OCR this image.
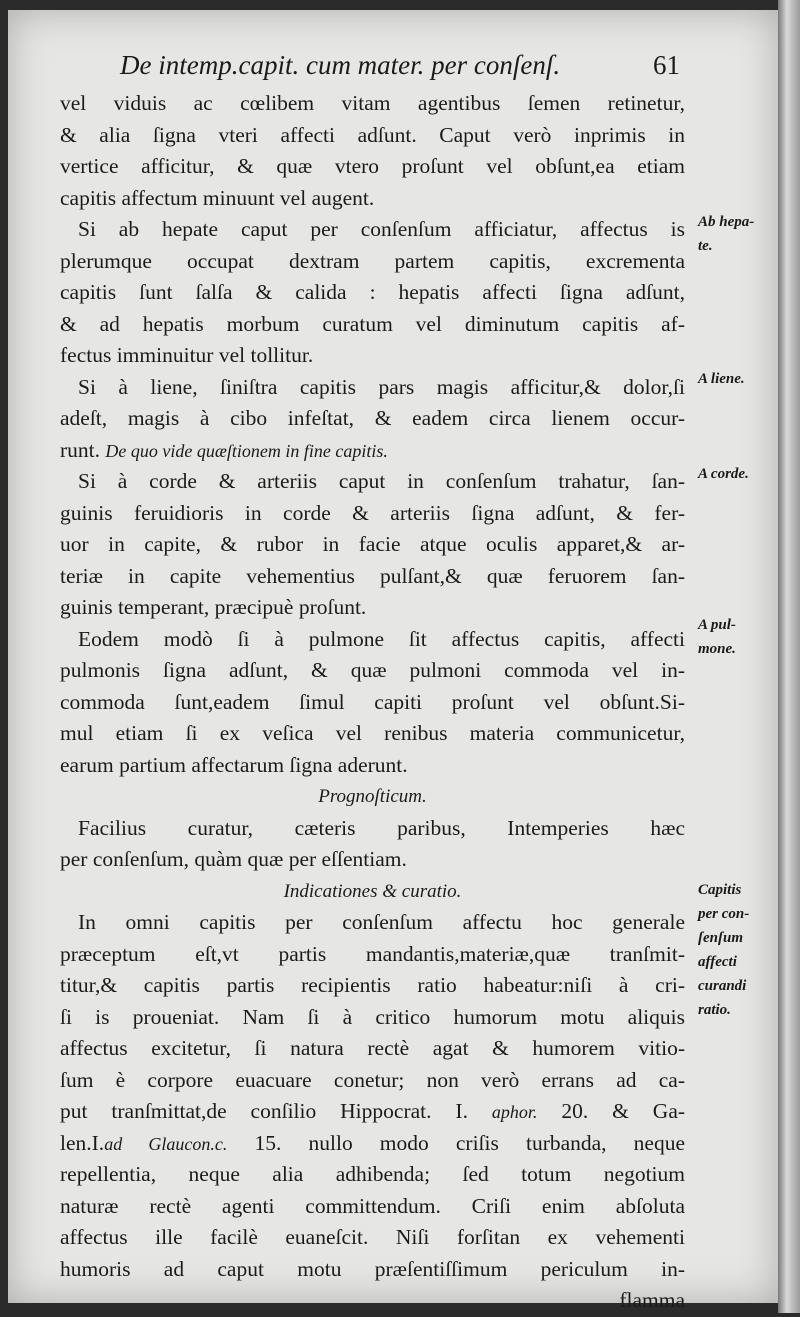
De intemp.capit. cum mater. per conſenſ.	61
vel viduis ac cœlibem vitam agentibus ſemen retinetur,
& alia ſigna vteri affecti adſunt. Caput verò inprimis in
vertice afficitur, & quæ vtero proſunt vel obſunt,ea etiam
capitis affectum minuunt vel augent.
Si ab hepate caput per conſenſum afficiatur, affectus is
plerumque occupat dextram partem capitis, excrementa
capitis ſunt ſalſa & calida : hepatis affecti ſigna adſunt,
& ad hepatis morbum curatum vel diminutum capitis af-
fectus imminuitur vel tollitur.
Si à liene, ſiniſtra capitis pars magis afficitur,& dolor,ſi
adeſt, magis à cibo infeſtat, & eadem circa lienem occur-
runt. De quo vide quæſtionem in fine capitis.
Si à corde & arteriis caput in conſenſum trahatur, ſan-
guinis feruidioris in corde & arteriis ſigna adſunt, & fer-
uor in capite, & rubor in facie atque oculis apparet,& ar-
teriæ in capite vehementius pulſant,& quæ feruorem ſan-
guinis temperant, præcipuè proſunt.
Eodem modò ſi à pulmone ſit affectus capitis, affecti
pulmonis ſigna adſunt, & quæ pulmoni commoda vel in-
commoda ſunt,eadem ſimul capiti proſunt vel obſunt.Si-
mul etiam ſi ex veſica vel renibus materia communicetur,
earum partium affectarum ſigna aderunt.
Prognoſticum.
Facilius curatur, cæteris paribus, Intemperies hæc
per conſenſum, quàm quæ per eſſentiam.
Indicationes & curatio.
In omni capitis per conſenſum affectu hoc generale
præceptum eſt,vt partis mandantis,materiæ,quæ tranſmit-
titur,& capitis partis recipientis ratio habeatur:niſi à cri-
ſi is proueniat. Nam ſi à critico humorum motu aliquis
affectus excitetur, ſi natura rectè agat & humorem vitio-
ſum è corpore euacuare conetur; non verò errans ad ca-
put tranſmittat,de conſilio Hippocrat. I. aphor. 20. & Ga-
len.I.ad Glaucon.c. 15. nullo modo criſis turbanda, neque
repellentia, neque alia adhibenda; ſed totum negotium
naturæ rectè agenti committendum. Criſi enim abſoluta
affectus ille facilè euaneſcit. Niſi forſitan ex vehementi
humoris ad caput motu præſentiſſimum periculum in-
flamma
Ab hepa-
te.
A liene.
A corde.
A pul-
mone.
Capitis
per con-
ſenſum
affecti
curandi
ratio.
